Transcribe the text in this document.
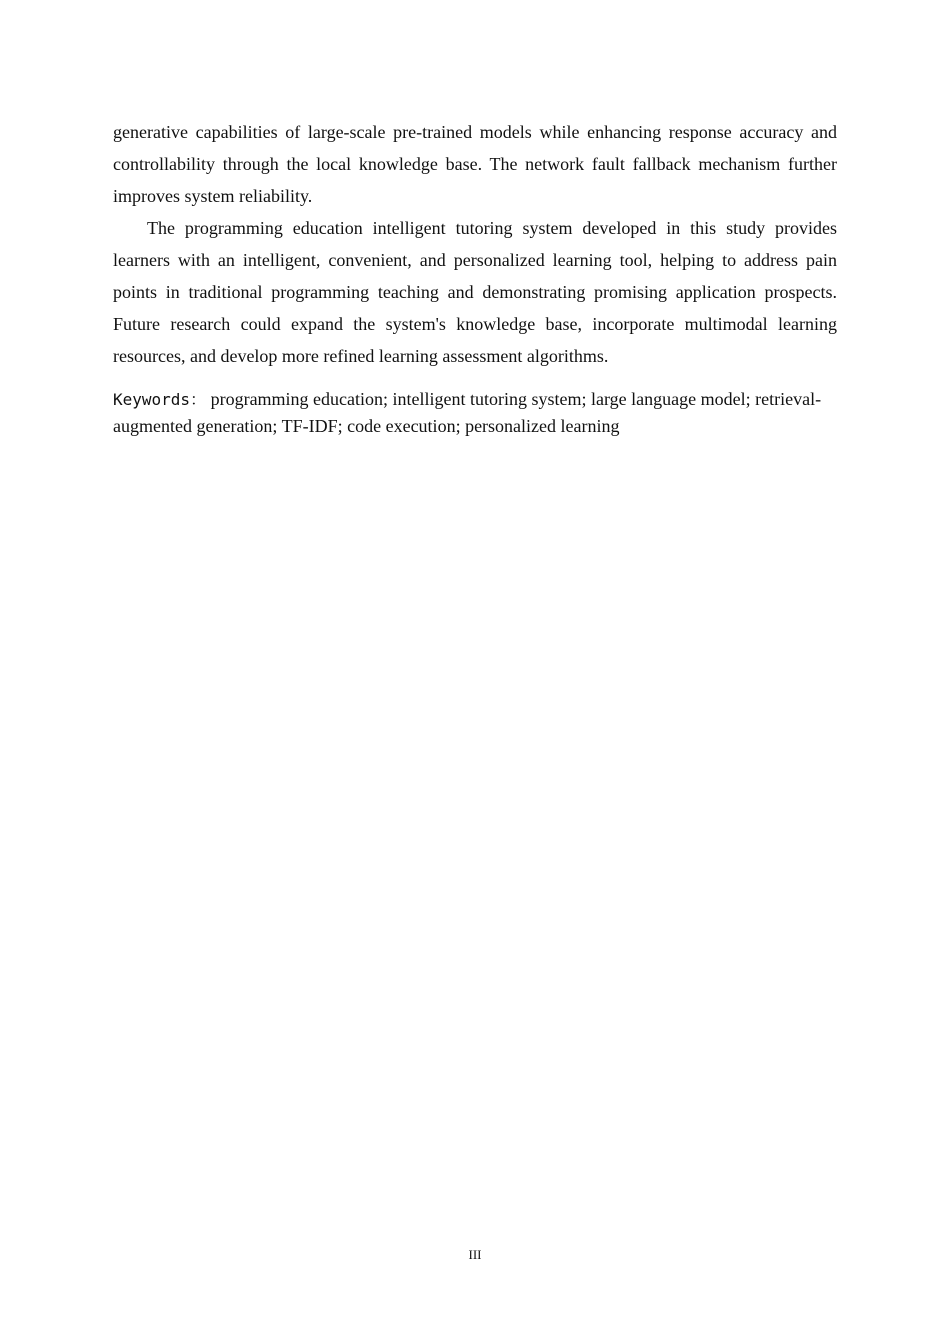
generative capabilities of large-scale pre-trained models while enhancing response accuracy and controllability through the local knowledge base. The network fault fallback mechanism further improves system reliability.

The programming education intelligent tutoring system developed in this study provides learners with an intelligent, convenient, and personalized learning tool, helping to address pain points in traditional programming teaching and demonstrating promising application prospects. Future research could expand the system's knowledge base, incorporate multimodal learning resources, and develop more refined learning assessment algorithms.

Keywords： programming education; intelligent tutoring system; large language model; retrieval-augmented generation; TF-IDF; code execution; personalized learning
III
